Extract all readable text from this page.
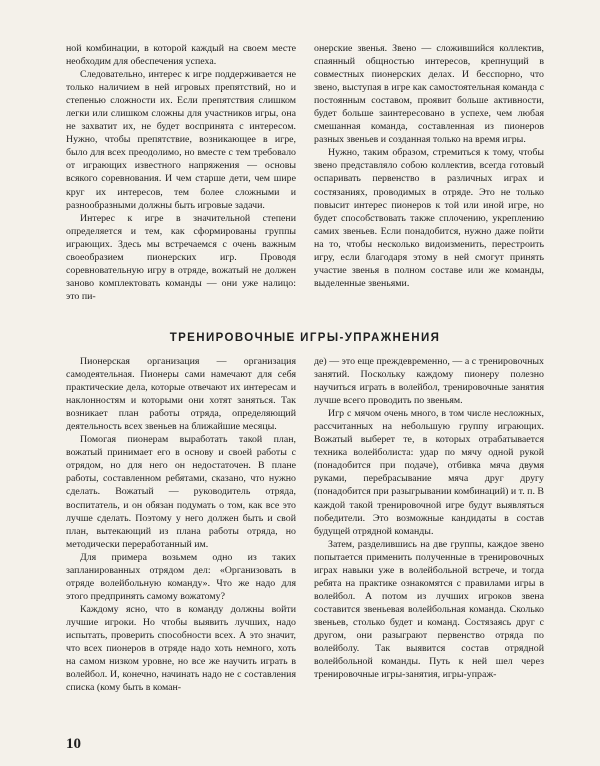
ной комбинации, в которой каждый на своем месте необходим для обеспечения успеха.

Следовательно, интерес к игре поддерживается не только наличием в ней игровых препятствий, но и степенью сложности их. Если препятствия слишком легки или слишком сложны для участников игры, она не захватит их, не будет воспринята с интересом. Нужно, чтобы препятствие, возникающее в игре, было для всех преодолимо, но вместе с тем требовало от играющих известного напряжения — основы всякого соревнования. И чем старше дети, чем шире круг их интересов, тем более сложными и разнообразными должны быть игровые задачи.

Интерес к игре в значительной степени определяется и тем, как сформированы группы играющих. Здесь мы встречаемся с очень важным своеобразием пионерских игр. Проводя соревновательную игру в отряде, вожатый не должен заново комплектовать команды — они уже налицо: это пи-

онерские звенья. Звено — сложившийся коллектив, спаянный общностью интересов, крепнущий в совместных пионерских делах. И бесспорно, что звено, выступая в игре как самостоятельная команда с постоянным составом, проявит больше активности, будет больше заинтересовано в успехе, чем любая смешанная команда, составленная из пионеров разных звеньев и созданная только на время игры.

Нужно, таким образом, стремиться к тому, чтобы звено представляло собою коллектив, всегда готовый оспаривать первенство в различных играх и состязаниях, проводимых в отряде. Это не только повысит интерес пионеров к той или иной игре, но будет способствовать также сплочению, укреплению самих звеньев. Если понадобится, нужно даже пойти на то, чтобы несколько видоизменить, перестроить игру, если благодаря этому в ней смогут принять участие звенья в полном составе или же команды, выделенные звеньями.

ТРЕНИРОВОЧНЫЕ ИГРЫ-УПРАЖНЕНИЯ

Пионерская организация — организация самодеятельная. Пионеры сами намечают для себя практические дела, которые отвечают их интересам и наклонностям и которыми они хотят заняться. Так возникает план работы отряда, определяющий деятельность всех звеньев на ближайшие месяцы.

Помогая пионерам выработать такой план, вожатый принимает его в основу и своей работы с отрядом, но для него он недостаточен. В плане работы, составленном ребятами, сказано, что нужно сделать. Вожатый — руководитель отряда, воспитатель, и он обязан подумать о том, как все это лучше сделать. Поэтому у него должен быть и свой план, вытекающий из плана работы отряда, но методически переработанный им.

Для примера возьмем одно из таких запланированных отрядом дел: «Организовать в отряде волейбольную команду». Что же надо для этого предпринять самому вожатому?

Каждому ясно, что в команду должны войти лучшие игроки. Но чтобы выявить лучших, надо испытать, проверить способности всех. А это значит, что всех пионеров в отряде надо хоть немного, хоть на самом низком уровне, но все же научить играть в волейбол. И, конечно, начинать надо не с составления списка (кому быть в коман-

де) — это еще преждевременно, — а с тренировочных занятий. Поскольку каждому пионеру полезно научиться играть в волейбол, тренировочные занятия лучше всего проводить по звеньям.

Игр с мячом очень много, в том числе несложных, рассчитанных на небольшую группу играющих. Вожатый выберет те, в которых отрабатывается техника волейболиста: удар по мячу одной рукой (понадобится при подаче), отбивка мяча двумя руками, перебрасывание мяча друг другу (понадобится при разыгрывании комбинаций) и т. п. В каждой такой тренировочной игре будут выявляться победители. Это возможные кандидаты в состав будущей отрядной команды.

Затем, разделившись на две группы, каждое звено попытается применить полученные в тренировочных играх навыки уже в волейбольной встрече, и тогда ребята на практике ознакомятся с правилами игры в волейбол. А потом из лучших игроков звена составится звеньевая волейбольная команда. Сколько звеньев, столько будет и команд. Состязаясь друг с другом, они разыграют первенство отряда по волейболу. Так выявится состав отрядной волейбольной команды. Путь к ней шел через тренировочные игры-занятия, игры-упраж-

10
